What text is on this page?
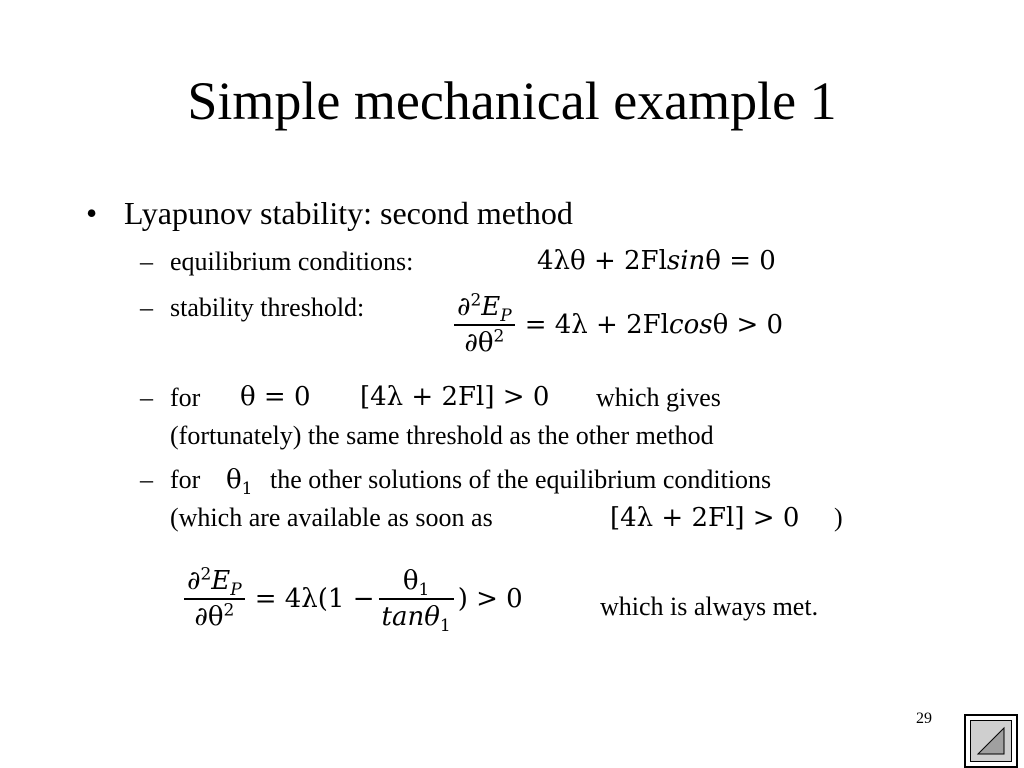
Simple mechanical example 1
• Lyapunov stability: second method
– equilibrium conditions:	4λθ + 2Flsinθ = 0
– stability threshold:	$\frac{\partial^2E_P}{\partial\theta^2} = 4\lambda + 2Flcos\theta > 0$
– for θ = 0 [4λ + 2Fl] > 0 which gives
(fortunately) the same threshold as the other method
– for $\theta_1$ the other solutions of the equilibrium conditions
(which are available as soon as	[4λ + 2Fl] > 0 )
$\frac{\partial^2E_P}{\partial\theta^2} = 4\lambda(1 - \frac{\theta_1}{\tan\theta_1}$ ) > 0	which is always met.
29
